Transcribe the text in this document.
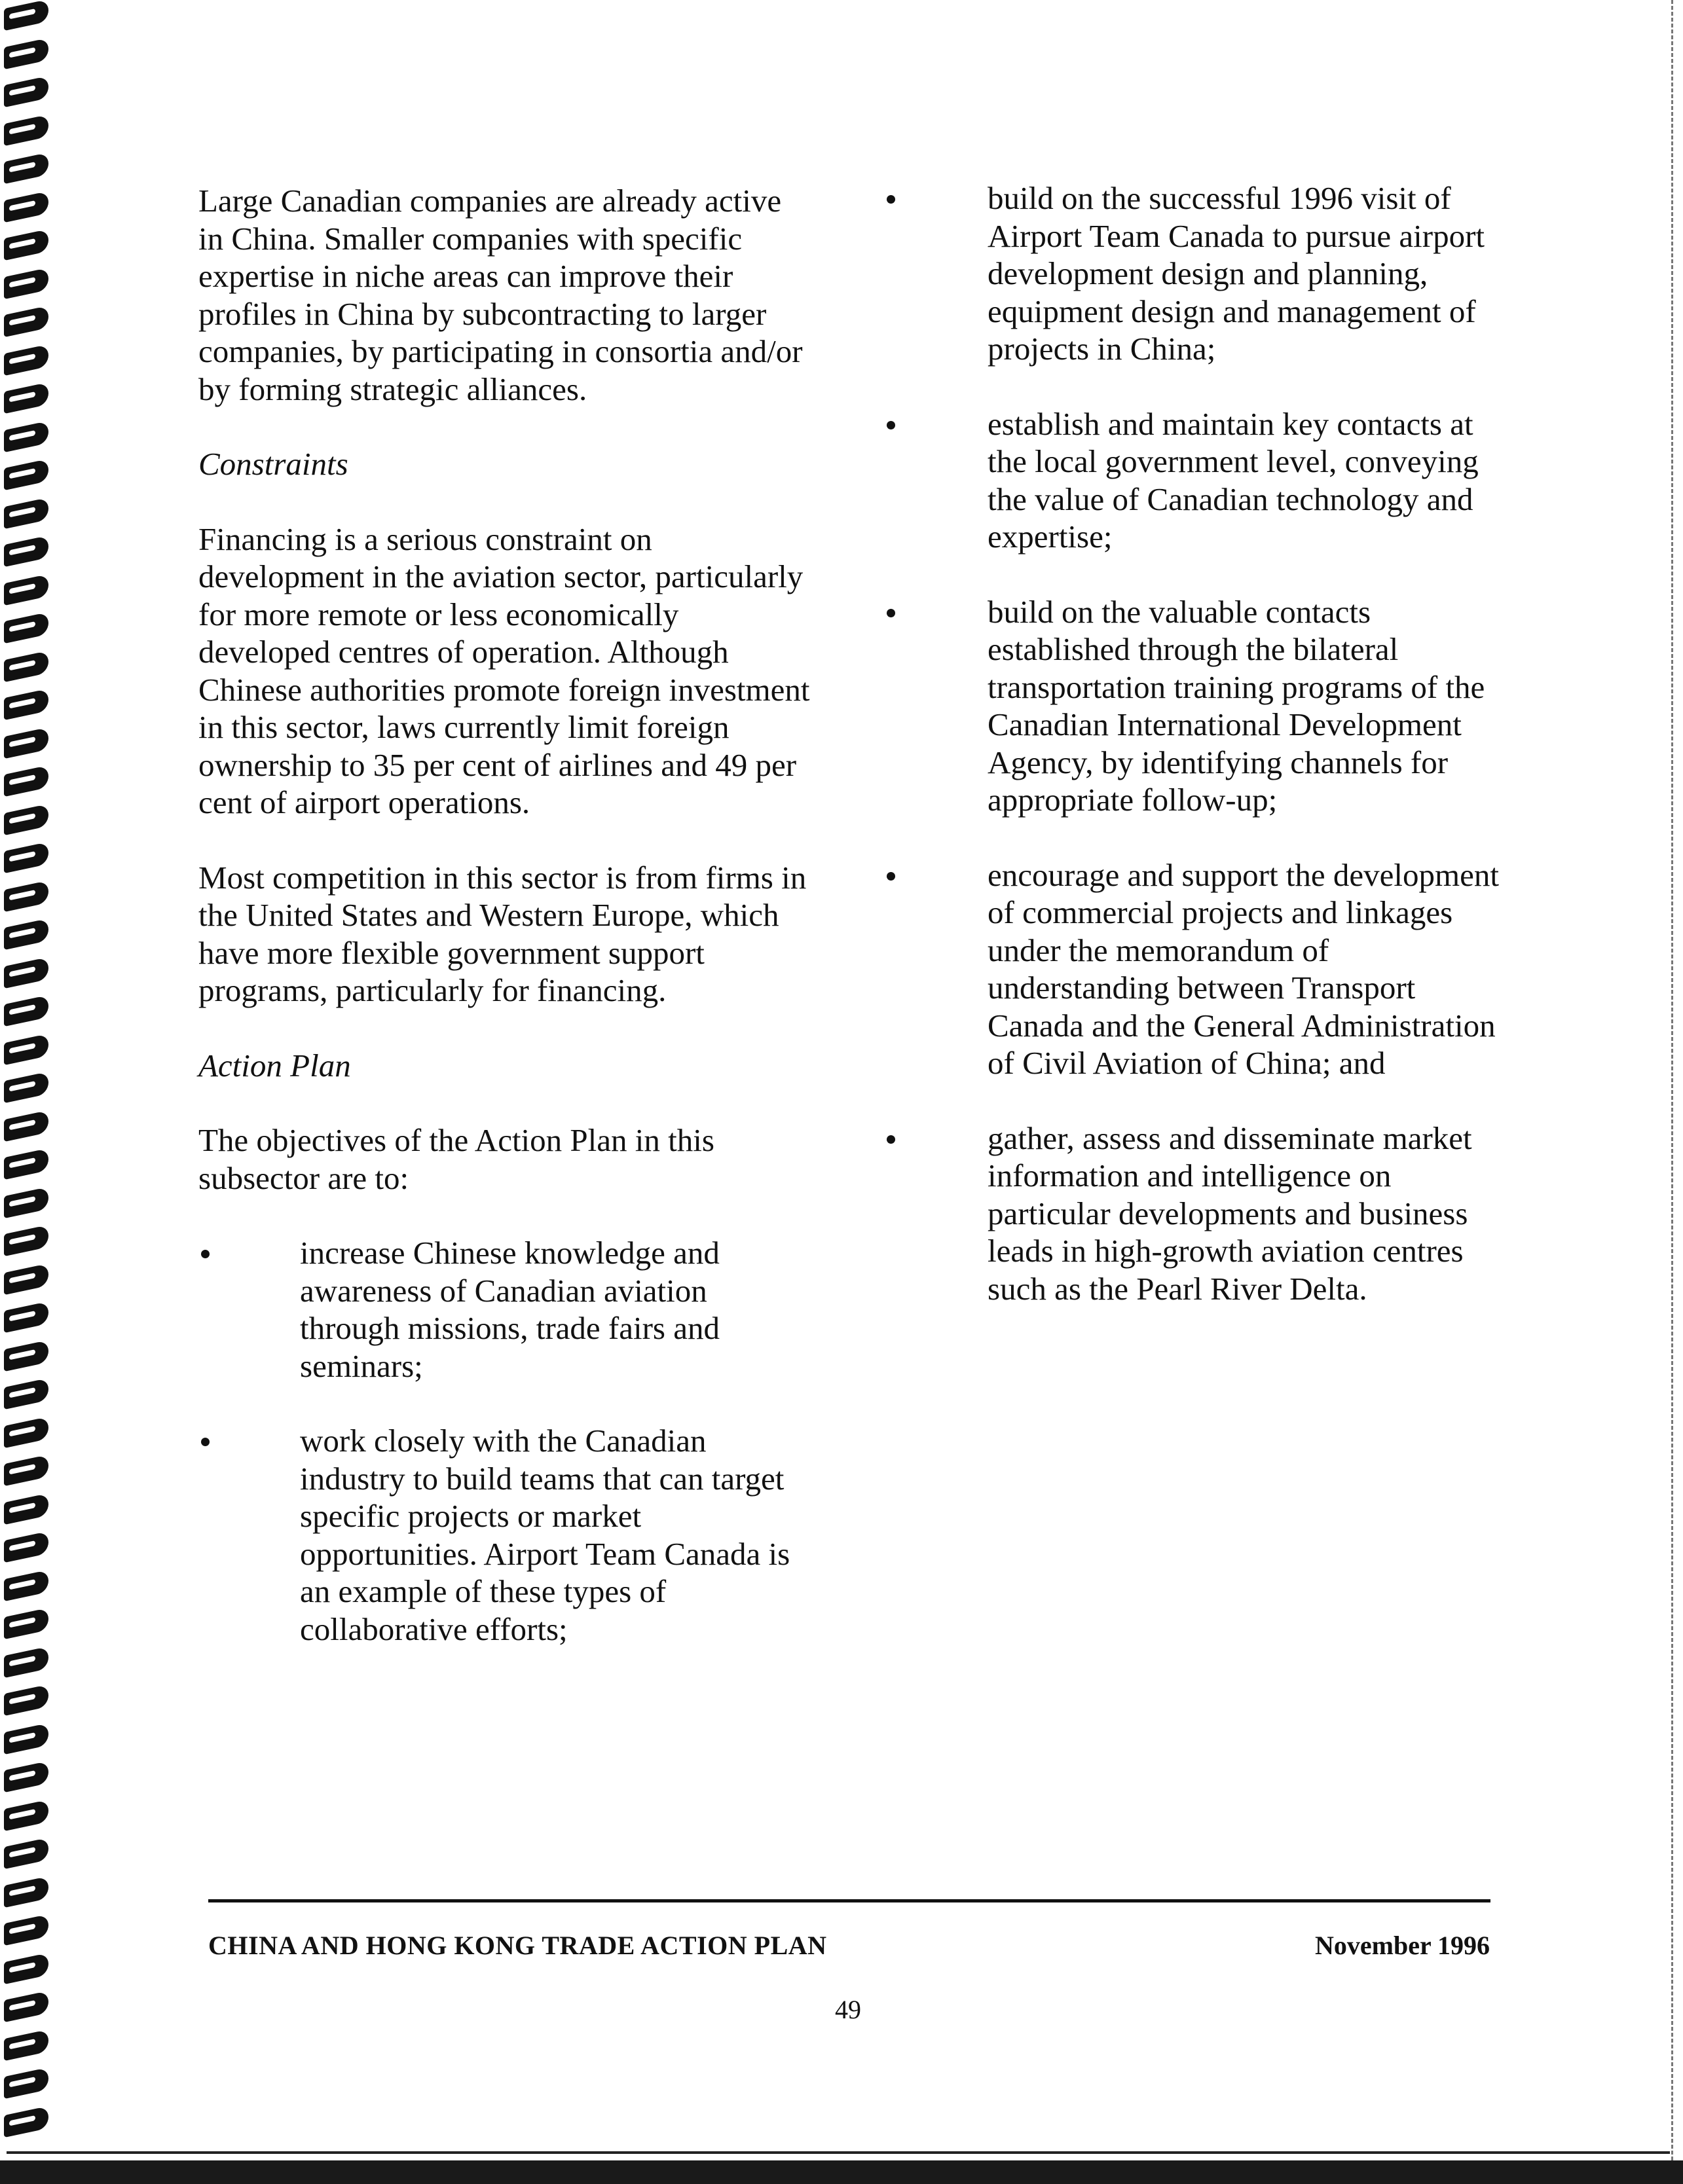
Large Canadian companies are already active in China. Smaller companies with specific expertise in niche areas can improve their profiles in China by subcontracting to larger companies, by participating in consortia and/or by forming strategic alliances.

Constraints

Financing is a serious constraint on development in the aviation sector, particularly for more remote or less economically developed centres of operation. Although Chinese authorities promote foreign investment in this sector, laws currently limit foreign ownership to 35 per cent of airlines and 49 per cent of airport operations.

Most competition in this sector is from firms in the United States and Western Europe, which have more flexible government support programs, particularly for financing.

Action Plan

The objectives of the Action Plan in this subsector are to:

increase Chinese knowledge and awareness of Canadian aviation through missions, trade fairs and seminars;
work closely with the Canadian industry to build teams that can target specific projects or market opportunities. Airport Team Canada is an example of these types of collaborative efforts;
build on the successful 1996 visit of Airport Team Canada to pursue airport development design and planning, equipment design and management of projects in China;
establish and maintain key contacts at the local government level, conveying the value of Canadian technology and expertise;
build on the valuable contacts established through the bilateral transportation training programs of the Canadian International Development Agency, by identifying channels for appropriate follow-up;
encourage and support the development of commercial projects and linkages under the memorandum of understanding between Transport Canada and the General Administration of Civil Aviation of China; and
gather, assess and disseminate market information and intelligence on particular developments and business leads in high-growth aviation centres such as the Pearl River Delta.
CHINA AND HONG KONG TRADE ACTION PLAN	November 1996
49
